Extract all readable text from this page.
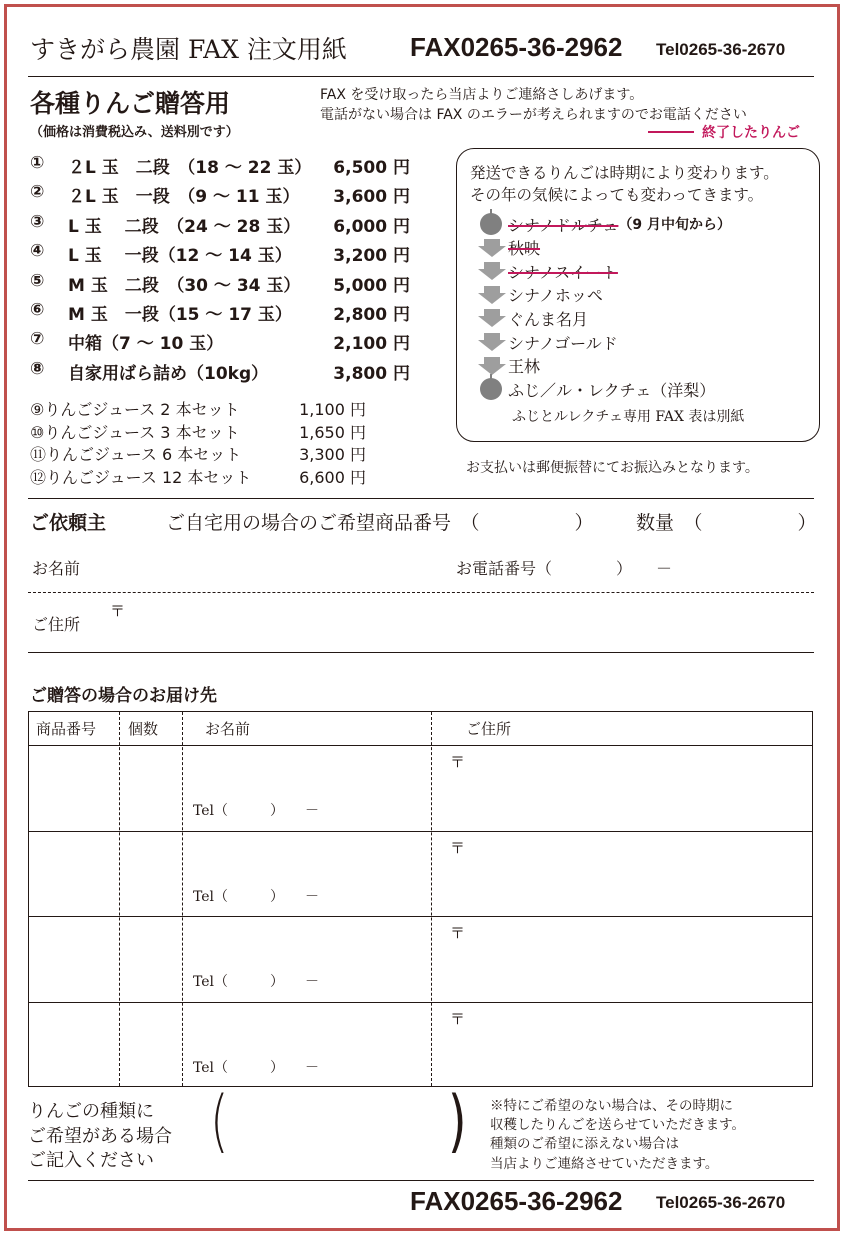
すきがら農園 FAX 注文用紙 FAX0265-36-2962 Tel0265-36-2670
各種りんご贈答用
（価格は消費税込み、送料別です）
FAX を受け取ったら当店よりご連絡さしあげます。
電話がない場合は FAX のエラーが考えられますのでお電話ください
終了したりんご
①	２L 玉　二段　（18 〜 22 玉）	6,500 円
②	２L 玉　一段　（9 〜 11 玉）	3,600 円
③	L 玉　 二段　（24 〜 28 玉）	6,000 円
④	L 玉　 一段（12 〜 14 玉）	3,200 円
⑤	M 玉　二段　（30 〜 34 玉）	5,000 円
⑥	M 玉　一段（15 〜 17 玉）	2,800 円
⑦	中箱（7 〜 10 玉）	2,100 円
⑧	自家用ばら詰め（10kg）	3,800 円
⑨りんごジュース 2 本セット	1,100 円
⑩りんごジュース 3 本セット	1,650 円
⑪りんごジュース 6 本セット	3,300 円
⑫りんごジュース 12 本セット	6,600 円
発送できるりんごは時期により変わります。
その年の気候によっても変わってきます。
シナノドルチェ （9 月中旬から）
秋映
シナノスイート
シナノホッペ
ぐんま名月
シナノゴールド
王林
ふじ／ル・レクチェ（洋梨）
ふじとルレクチェ専用 FAX 表は別紙
お支払いは郵便振替にてお振込みとなります。
ご依頼主	ご自宅用の場合のご希望商品番号　（　　　　　） 数量　（　　　　　）
お名前	お電話番号（　　　　）　　－
ご住所
〒
ご贈答の場合のお届け先
商品番号 個数	お名前	ご住所
〒
Tel（　　　）　　－
〒
Tel（　　　）　　－
〒
Tel（　　　）　　－
〒
Tel（　　　）　　－
りんごの種類に
ご希望がある場合
ご記入ください (	) ※特にご希望のない場合は、その時期に
収穫したりんごを送らせていただきます。
種類のご希望に添えない場合は
当店よりご連絡させていただきます。
FAX0265-36-2962 Tel0265-36-2670
